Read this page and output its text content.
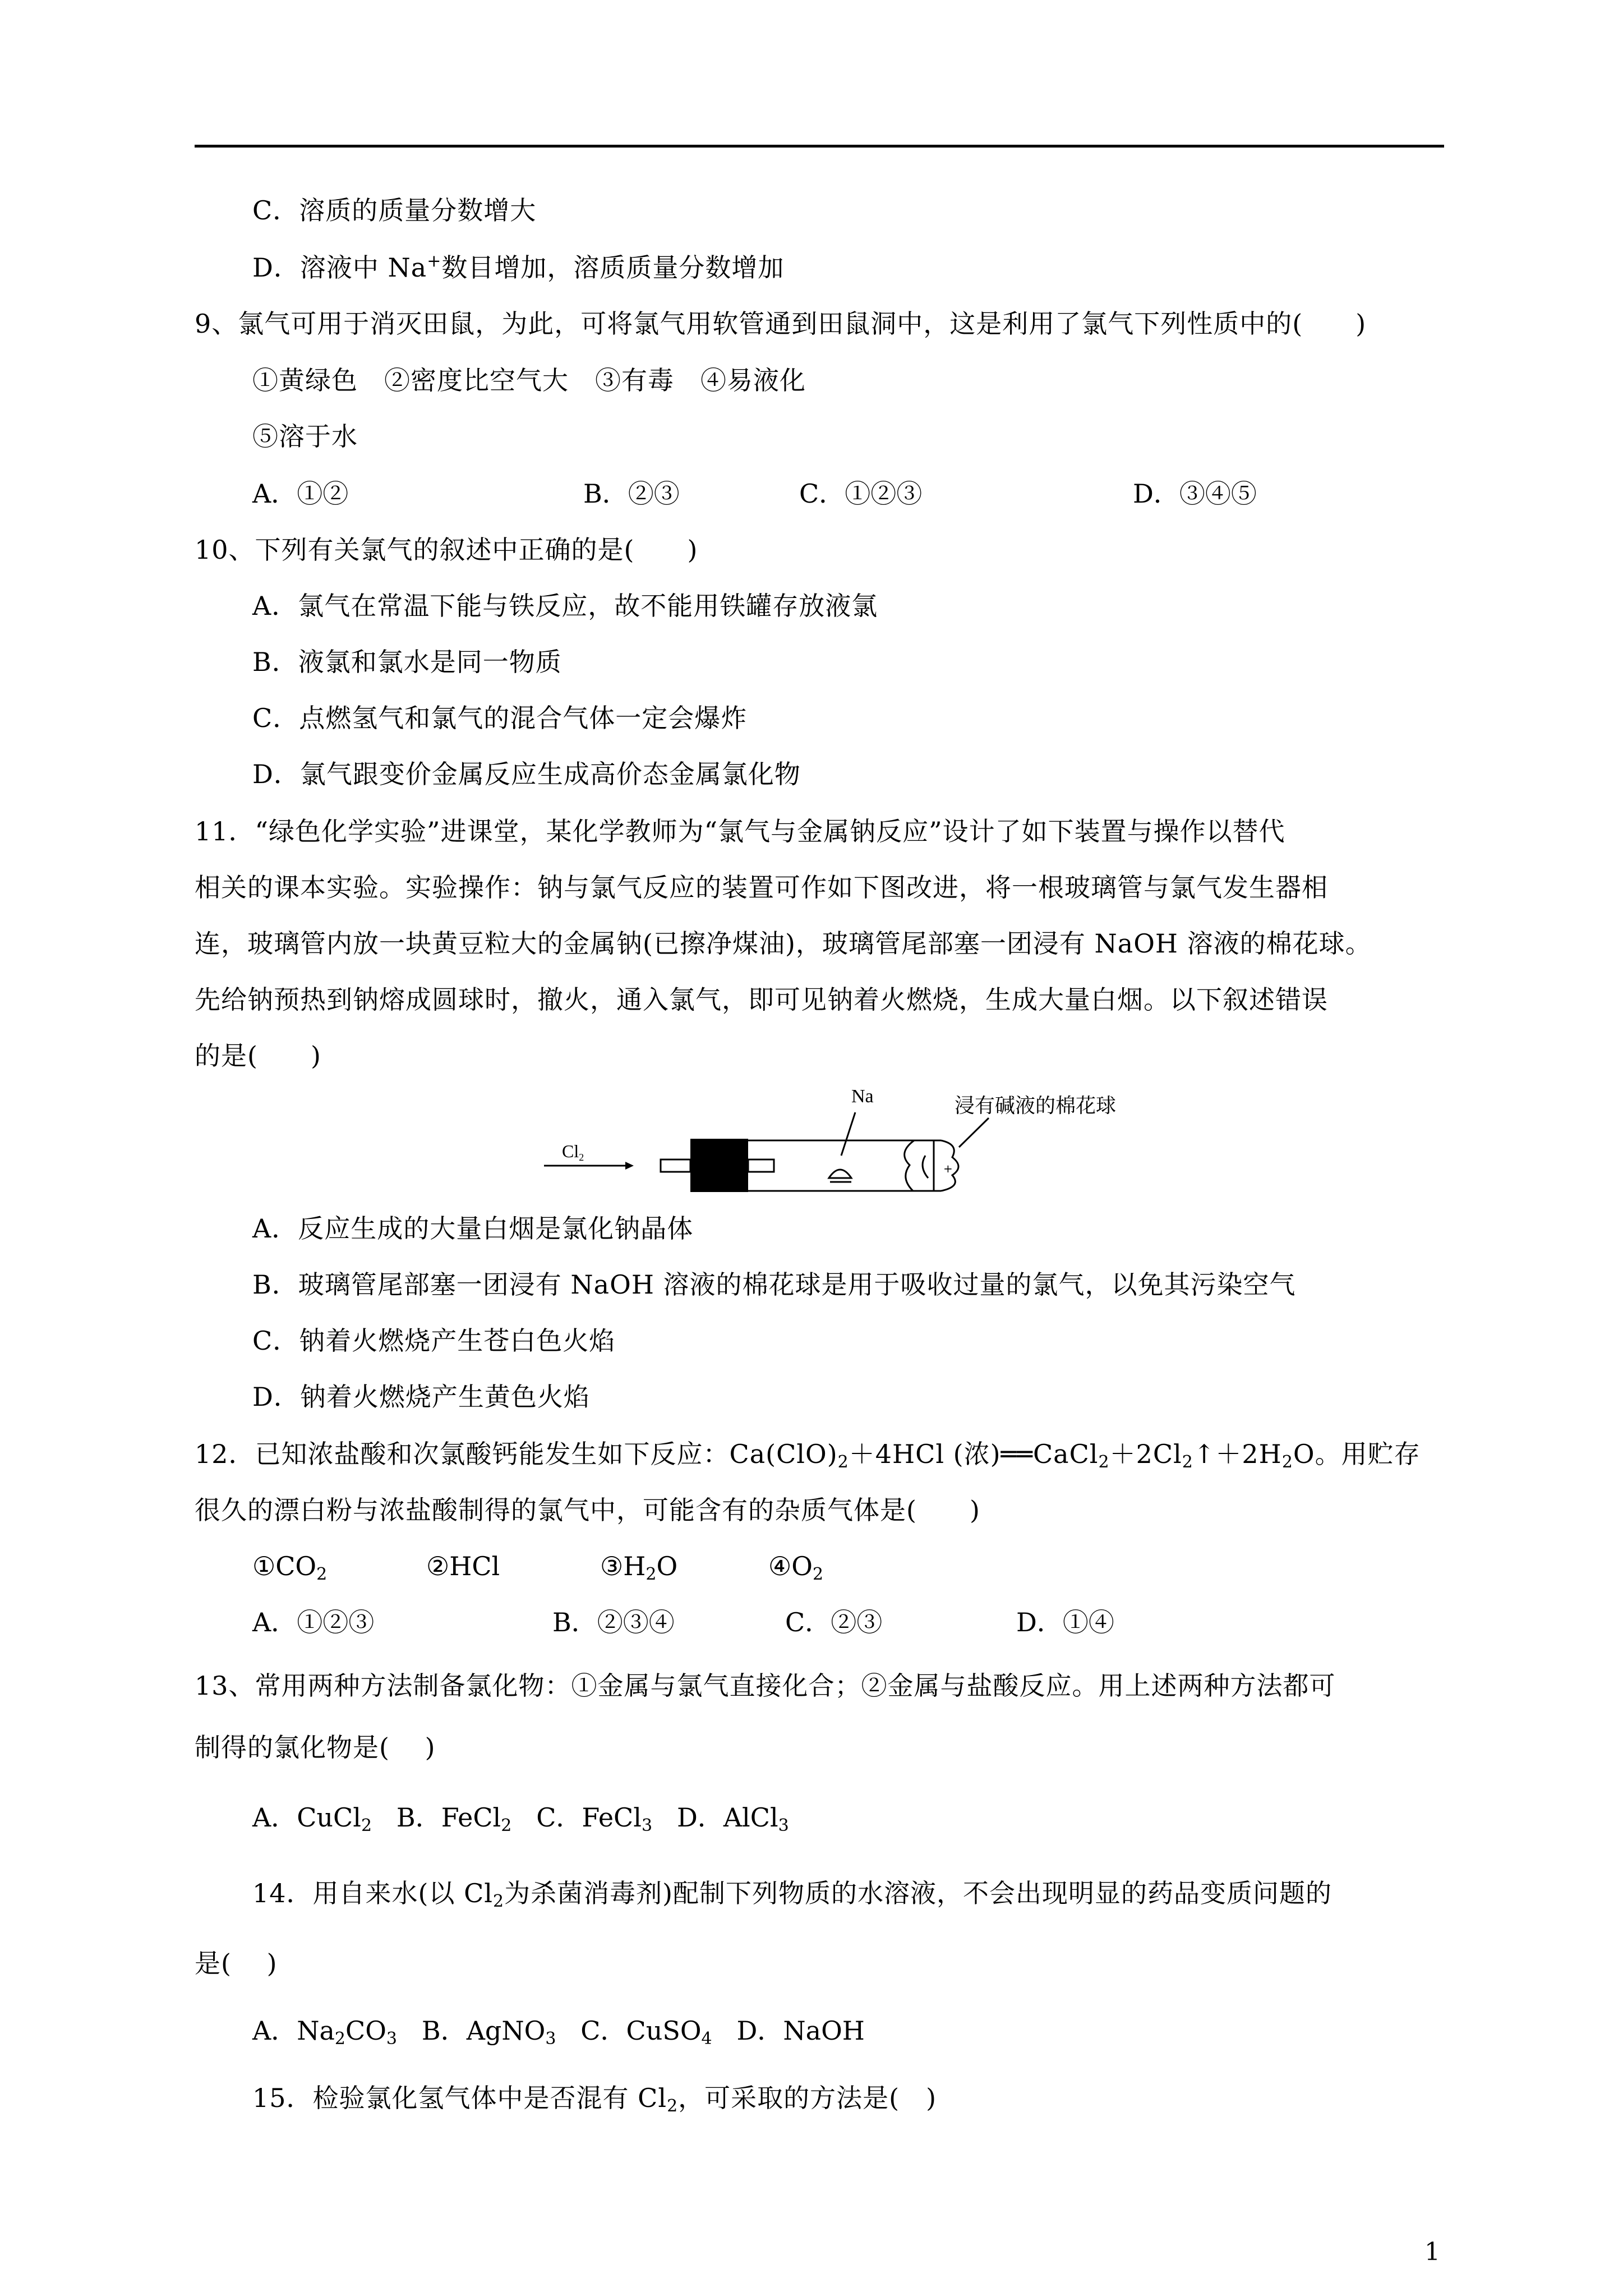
C．溶质的质量分数增大
D．溶液中 Na+数目增加，溶质质量分数增加
9、氯气可用于消灭田鼠，为此，可将氯气用软管通到田鼠洞中，这是利用了氯气下列性质中的(　　)
①黄绿色　②密度比空气大　③有毒　④易液化
⑤溶于水
A．①②	B．②③	C．①②③	D．③④⑤
10、下列有关氯气的叙述中正确的是(　　)
A．氯气在常温下能与铁反应，故不能用铁罐存放液氯
B．液氯和氯水是同一物质
C．点燃氢气和氯气的混合气体一定会爆炸
D．氯气跟变价金属反应生成高价态金属氯化物
11．“绿色化学实验”进课堂，某化学教师为“氯气与金属钠反应”设计了如下装置与操作以替代
相关的课本实验。实验操作：钠与氯气反应的装置可作如下图改进，将一根玻璃管与氯气发生器相
连，玻璃管内放一块黄豆粒大的金属钠(已擦净煤油)，玻璃管尾部塞一团浸有 NaOH 溶液的棉花球。
先给钠预热到钠熔成圆球时，撤火，通入氯气，即可见钠着火燃烧，生成大量白烟。以下叙述错误
的是(　　)
Na	浸有碱液的棉花球
Cl2
+
A．反应生成的大量白烟是氯化钠晶体
B．玻璃管尾部塞一团浸有 NaOH 溶液的棉花球是用于吸收过量的氯气，以免其污染空气
C．钠着火燃烧产生苍白色火焰
D．钠着火燃烧产生黄色火焰
12．已知浓盐酸和次氯酸钙能发生如下反应：$Ca(ClO)_2+4HCl$ (浓)$══CaCl_2+2Cl_2↑+2H_2O$。用贮存
很久的漂白粉与浓盐酸制得的氯气中，可能含有的杂质气体是(　　)
$①CO_2$	②HCl	$③H_2O$	$④O_2$
A．①②③	B．②③④	C．②③	D．①④
13、常用两种方法制备氯化物：①金属与氯气直接化合；②金属与盐酸反应。用上述两种方法都可
制得的氯化物是(　 )
A．CuCl$_2$ B．FeCl$_2$ C．FeCl$_3$ D．AlCl$_3$
14．用自来水(以 $Cl_2$为杀菌消毒剂)配制下列物质的水溶液，不会出现明显的药品变质问题的
是(　 )
A．$Na_2CO_3$ B．AgNO$_3$ C．CuSO$_4$ D．NaOH
15．检验氯化氢气体中是否混有 $Cl_2$，可采取的方法是(　)
1
